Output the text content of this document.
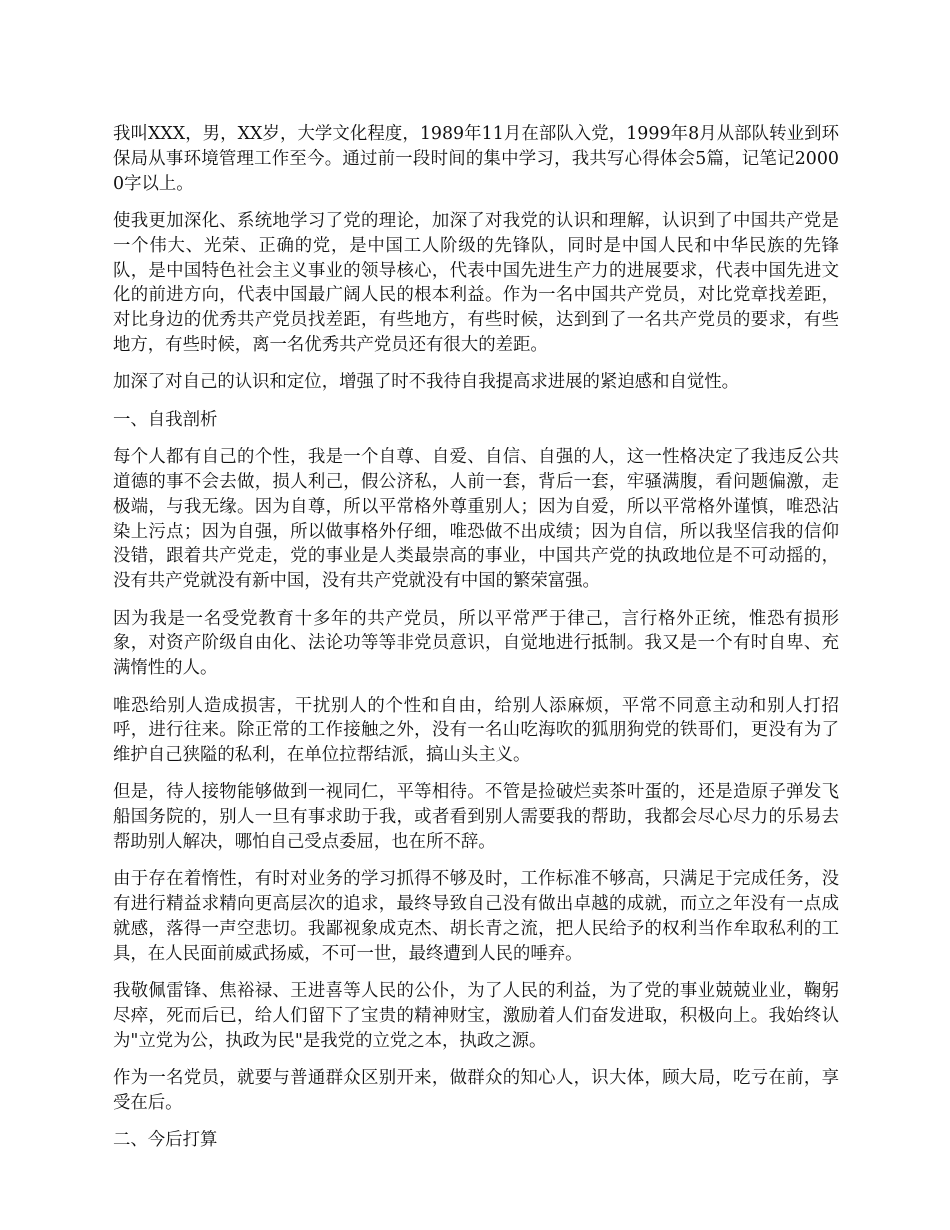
我叫XXX，男，XX岁，大学文化程度，1989年11月在部队入党，1999年8月从部队转业到环保局从事环境管理工作至今。通过前一段时间的集中学习，我共写心得体会5篇，记笔记20000字以上。

使我更加深化、系统地学习了党的理论，加深了对我党的认识和理解，认识到了中国共产党是一个伟大、光荣、正确的党，是中国工人阶级的先锋队，同时是中国人民和中华民族的先锋队，是中国特色社会主义事业的领导核心，代表中国先进生产力的进展要求，代表中国先进文化的前进方向，代表中国最广阔人民的根本利益。作为一名中国共产党员，对比党章找差距，对比身边的优秀共产党员找差距，有些地方，有些时候，达到到了一名共产党员的要求，有些地方，有些时候，离一名优秀共产党员还有很大的差距。

加深了对自己的认识和定位，增强了时不我待自我提高求进展的紧迫感和自觉性。

一、自我剖析

每个人都有自己的个性，我是一个自尊、自爱、自信、自强的人，这一性格决定了我违反公共道德的事不会去做，损人利己，假公济私，人前一套，背后一套，牢骚满腹，看问题偏激，走极端，与我无缘。因为自尊，所以平常格外尊重别人；因为自爱，所以平常格外谨慎，唯恐沾染上污点；因为自强，所以做事格外仔细，唯恐做不出成绩；因为自信，所以我坚信我的信仰没错，跟着共产党走，党的事业是人类最崇高的事业，中国共产党的执政地位是不可动摇的，没有共产党就没有新中国，没有共产党就没有中国的繁荣富强。

因为我是一名受党教育十多年的共产党员，所以平常严于律己，言行格外正统，惟恐有损形象，对资产阶级自由化、法论功等等非党员意识，自觉地进行抵制。我又是一个有时自卑、充满惰性的人。

唯恐给别人造成损害，干扰别人的个性和自由，给别人添麻烦，平常不同意主动和别人打招呼，进行往来。除正常的工作接触之外，没有一名山吃海吹的狐朋狗党的铁哥们，更没有为了维护自己狭隘的私利，在单位拉帮结派，搞山头主义。

但是，待人接物能够做到一视同仁，平等相待。不管是捡破烂卖茶叶蛋的，还是造原子弹发飞船国务院的，别人一旦有事求助于我，或者看到别人需要我的帮助，我都会尽心尽力的乐易去帮助别人解决，哪怕自己受点委屈，也在所不辞。

由于存在着惰性，有时对业务的学习抓得不够及时，工作标准不够高，只满足于完成任务，没有进行精益求精向更高层次的追求，最终导致自己没有做出卓越的成就，而立之年没有一点成就感，落得一声空悲切。我鄙视象成克杰、胡长青之流，把人民给予的权利当作牟取私利的工具，在人民面前威武扬威，不可一世，最终遭到人民的唾弃。

我敬佩雷锋、焦裕禄、王进喜等人民的公仆，为了人民的利益，为了党的事业兢兢业业，鞠躬尽瘁，死而后已，给人们留下了宝贵的精神财宝，激励着人们奋发进取，积极向上。我始终认为"立党为公，执政为民"是我党的立党之本，执政之源。

作为一名党员，就要与普通群众区别开来，做群众的知心人，识大体，顾大局，吃亏在前，享受在后。

二、今后打算
